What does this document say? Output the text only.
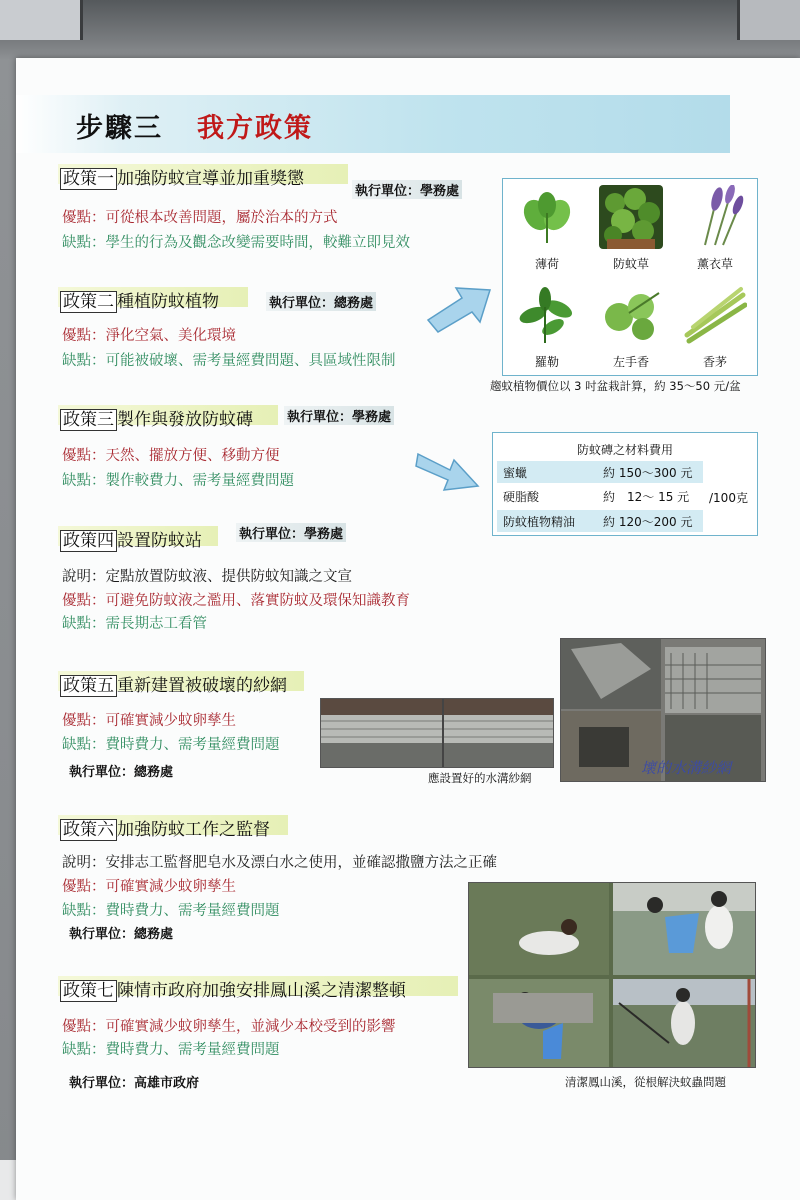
步驟三 我方政策
政策一 加強防蚊宣導並加重獎懲
執行單位：學務處
優點：可從根本改善問題，屬於治本的方式
缺點：學生的行為及觀念改變需要時間，較難立即見效
政策二 種植防蚊植物	執行單位：總務處
優點：淨化空氣、美化環境
缺點：可能被破壞、需考量經費問題、具區域性限制
政策三 製作與發放防蚊磚	執行單位：學務處
優點：天然、擺放方便、移動方便
缺點：製作較費力、需考量經費問題
政策四 設置防蚊站	執行單位：學務處
說明：定點放置防蚊液、提供防蚊知識之文宣
優點：可避免防蚊液之濫用、落實防蚊及環保知識教育
缺點：需長期志工看管
政策五 重新建置被破壞的紗網
優點：可確實減少蚊卵孳生
缺點：費時費力、需考量經費問題
執行單位：總務處
政策六 加強防蚊工作之監督
說明：安排志工監督肥皂水及漂白水之使用，並確認撒鹽方法之正確
優點：可確實減少蚊卵孳生
缺點：費時費力、需考量經費問題
執行單位：總務處
政策七 陳情市政府加強安排鳳山溪之清潔整頓
優點：可確實減少蚊卵孳生，並減少本校受到的影響
缺點：費時費力、需考量經費問題
執行單位：高雄市政府
薄荷	防蚊草	薰衣草
羅勒	左手香	香茅
趨蚊植物價位以 3 吋盆栽計算，約 35～50 元/盆
防蚊磚之材料費用
蜜蠟	約 150～300 元
硬脂酸	約　12～ 15 元 /100克
防蚊植物精油 約 120～200 元
應設置好的水溝紗網
壞的水溝紗網
清潔鳳山溪，從根解決蚊蟲問題
